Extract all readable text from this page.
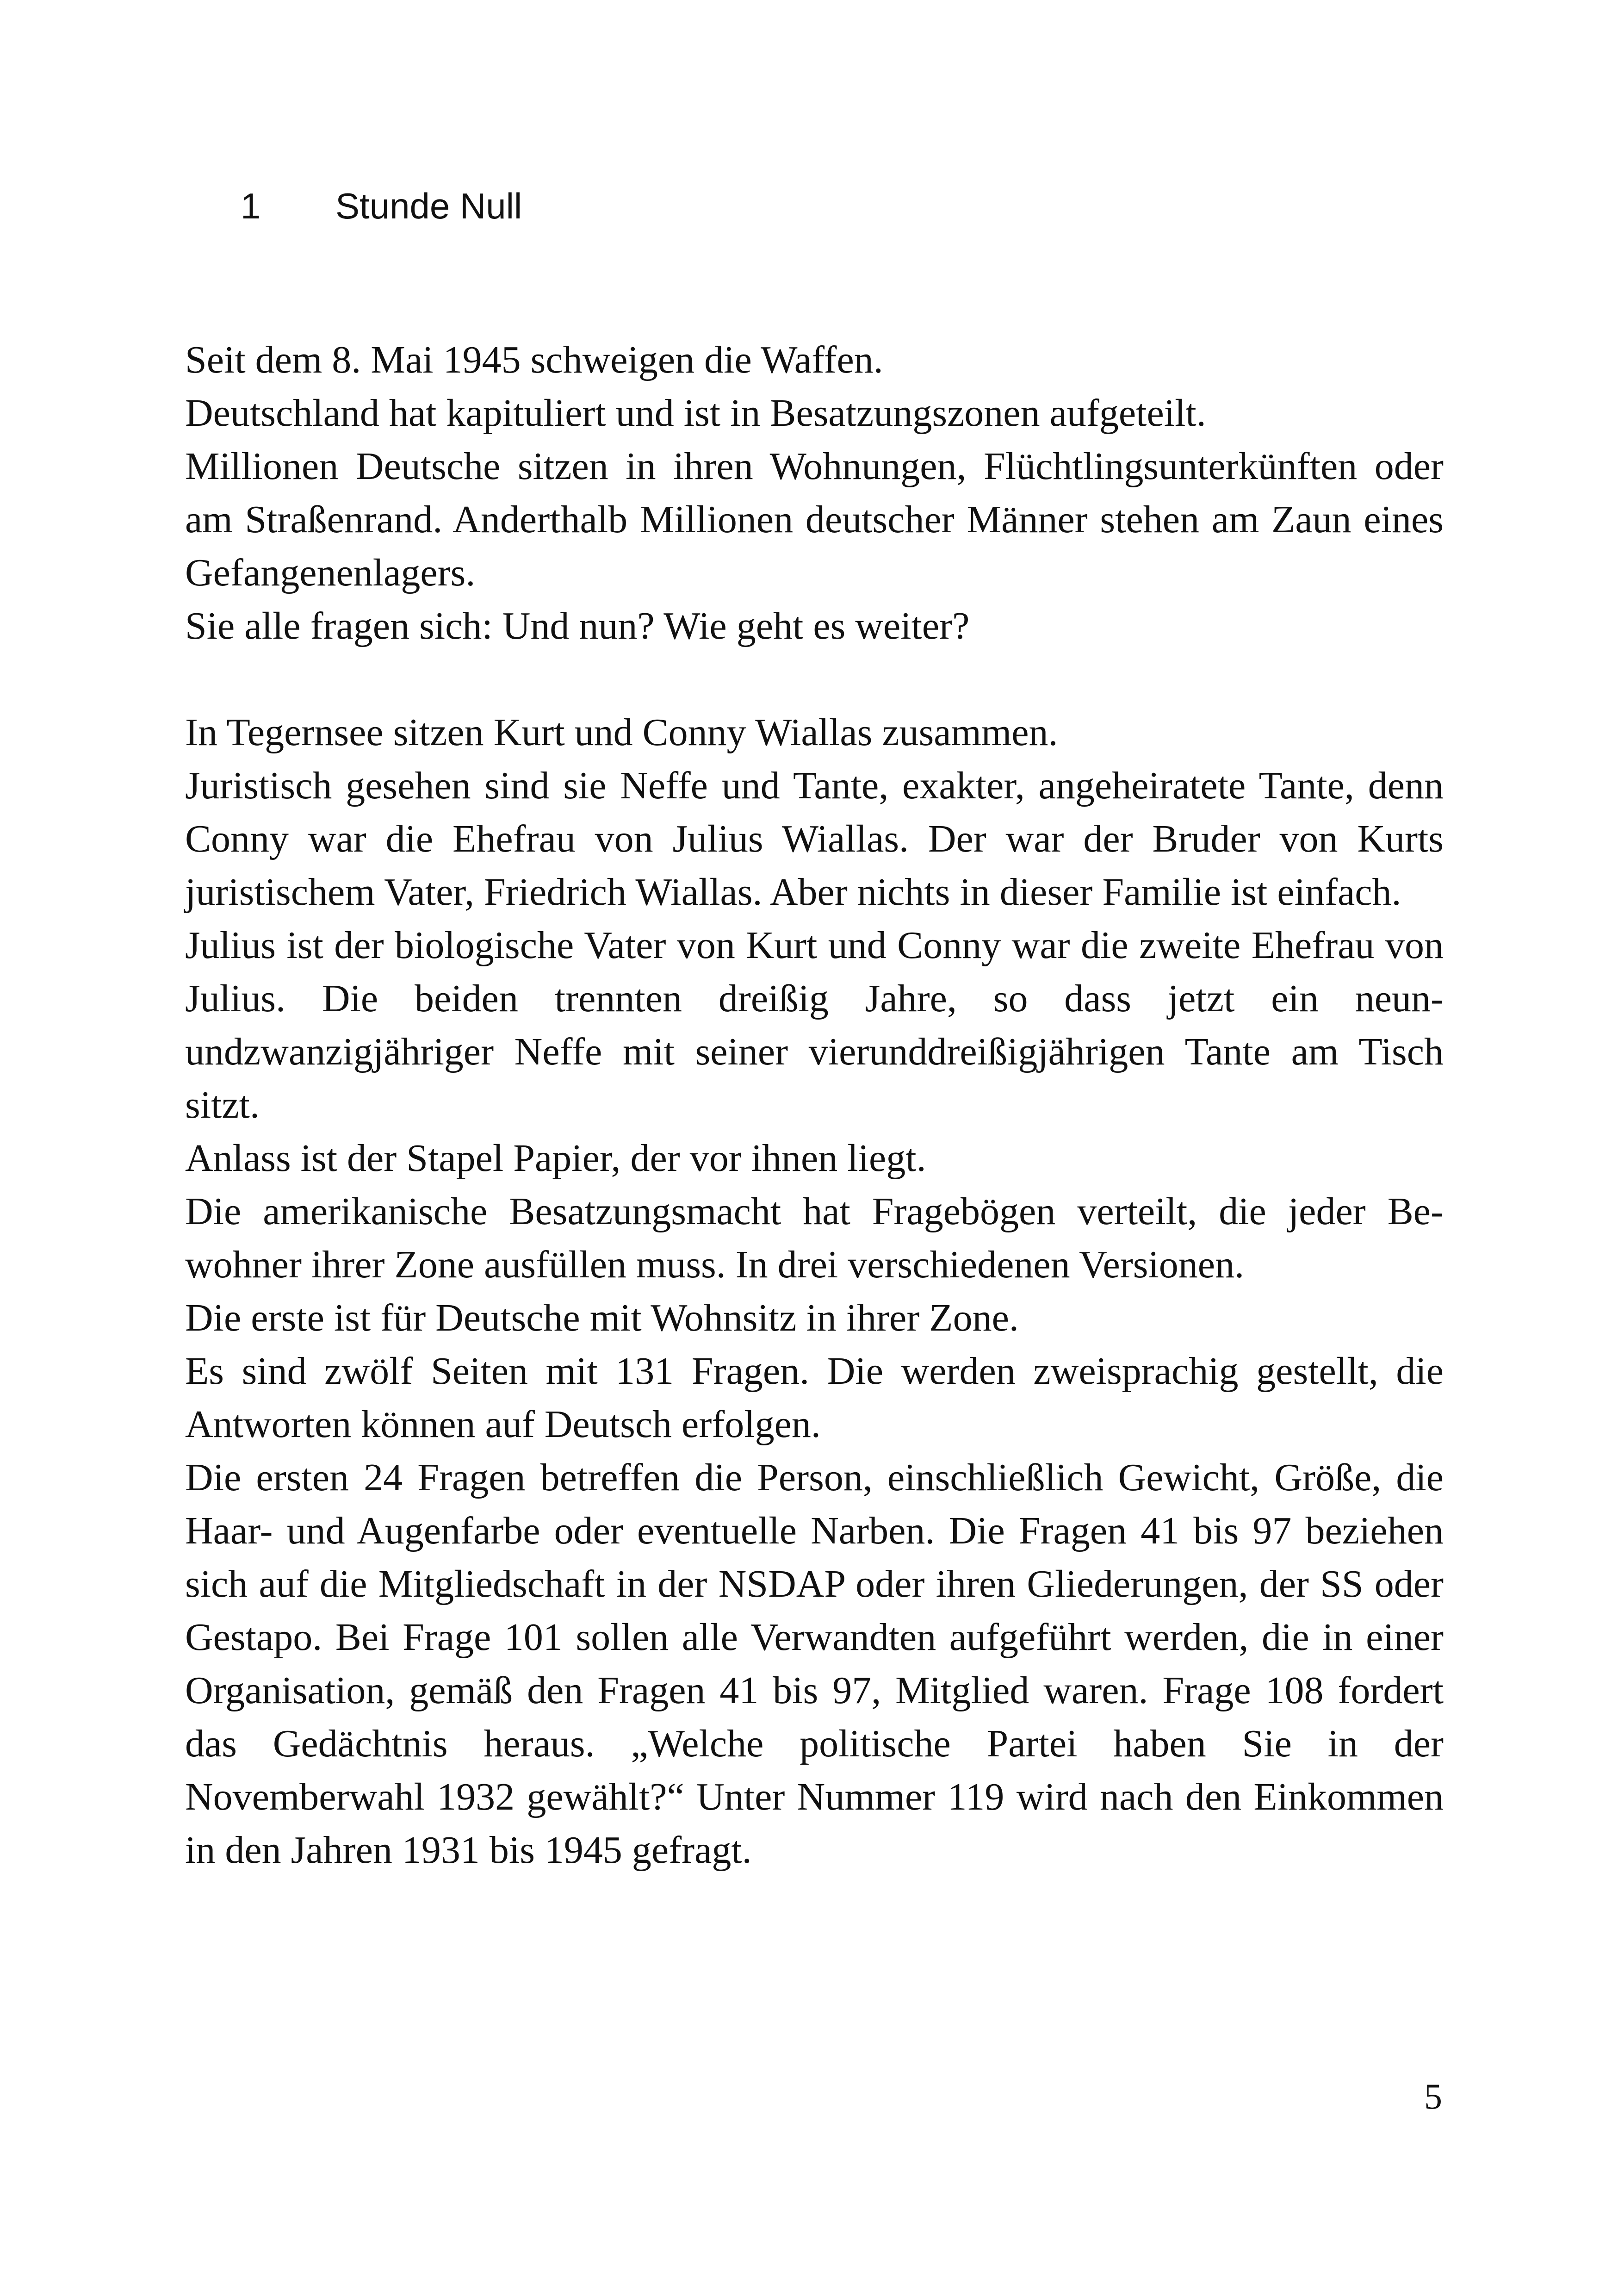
1 Stunde Null

Seit dem 8. Mai 1945 schweigen die Waffen.

Deutschland hat kapituliert und ist in Besatzungszonen aufgeteilt.

Millionen Deutsche sitzen in ihren Wohnungen, Flüchtlingsunterkünften oder am Straßenrand. Anderthalb Millionen deutscher Männer stehen am Zaun eines Gefangenenlagers.

Sie alle fragen sich: Und nun? Wie geht es weiter?

In Tegernsee sitzen Kurt und Conny Wiallas zusammen.

Juristisch gesehen sind sie Neffe und Tante, exakter, angeheiratete Tante, denn Conny war die Ehefrau von Julius Wiallas. Der war der Bruder von Kurts juristischem Vater, Friedrich Wiallas. Aber nichts in dieser Familie ist einfach.

Julius ist der biologische Vater von Kurt und Conny war die zweite Ehefrau von Julius. Die beiden trennten dreißig Jahre, so dass jetzt ein neunundzwanzigjähriger Neffe mit seiner vierunddreißigjährigen Tante am Tisch sitzt.

Anlass ist der Stapel Papier, der vor ihnen liegt.

Die amerikanische Besatzungsmacht hat Fragebögen verteilt, die jeder Bewohner ihrer Zone ausfüllen muss. In drei verschiedenen Versionen.

Die erste ist für Deutsche mit Wohnsitz in ihrer Zone.

Es sind zwölf Seiten mit 131 Fragen. Die werden zweisprachig gestellt, die Antworten können auf Deutsch erfolgen.

Die ersten 24 Fragen betreffen die Person, einschließlich Gewicht, Größe, die Haar- und Augenfarbe oder eventuelle Narben. Die Fragen 41 bis 97 beziehen sich auf die Mitgliedschaft in der NSDAP oder ihren Gliederungen, der SS oder Gestapo. Bei Frage 101 sollen alle Verwandten aufgeführt werden, die in einer Organisation, gemäß den Fragen 41 bis 97, Mitglied waren. Frage 108 fordert das Gedächtnis heraus. „Welche politische Partei haben Sie in der Novemberwahl 1932 gewählt?“ Unter Nummer 119 wird nach den Einkommen in den Jahren 1931 bis 1945 gefragt.

5
